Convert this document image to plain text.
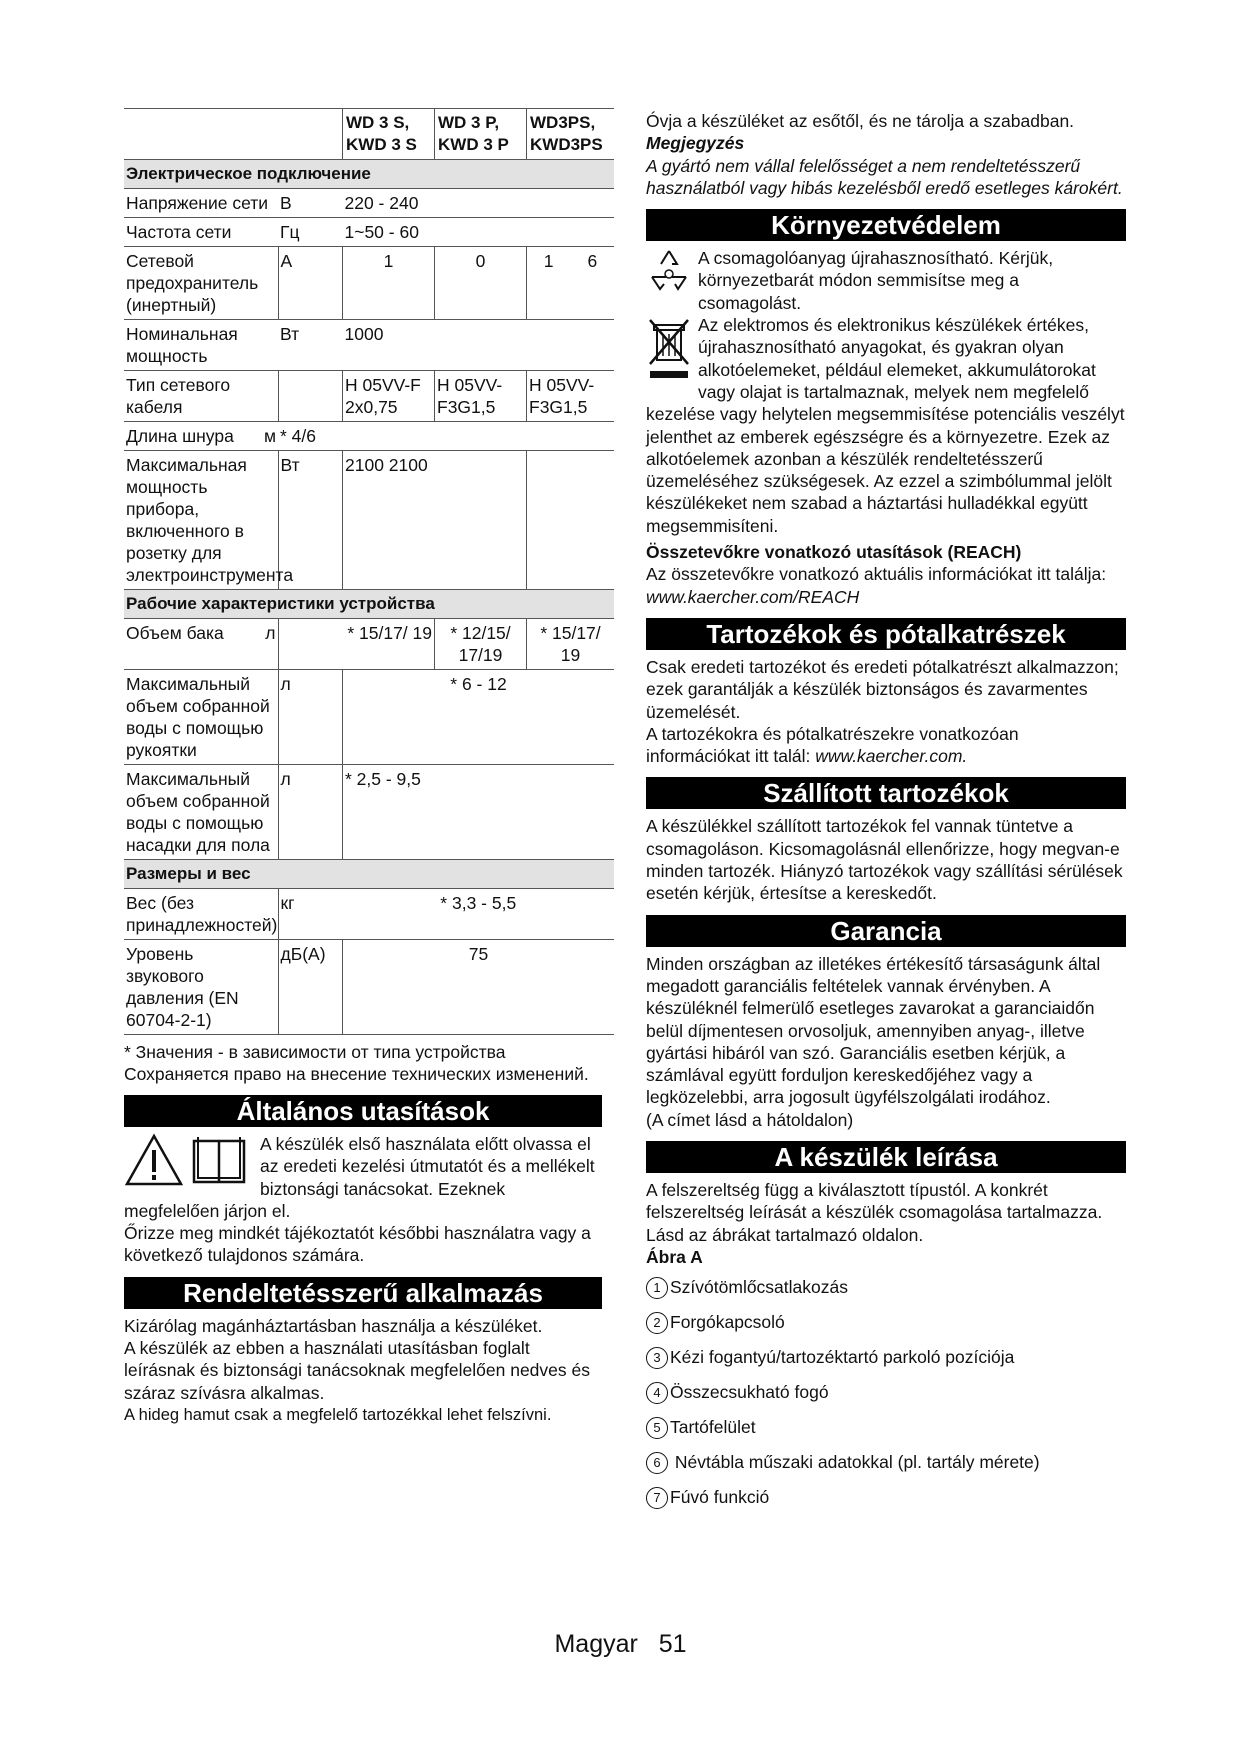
		WD 3 S, KWD 3 S	WD 3 P, KWD 3 P	WD3PS, KWD3PS
Электрическое подключение				
Напряжение сети	В	220 - 240		
Частота сети	Гц	1~50 - 60		
Сетевой предохранитель (инертный)	А	1	0	1 6
Номинальная мощность	Вт	1000		
Тип сетевого кабеля		H 05VV-F 2x0,75	H 05VV-F3G1,5	H 05VV-F3G1,5
Длина шнура м	* 4/6			
Максимальная мощность прибора, включенного в розетку для электроинструмента	Вт	2100 2100		
Рабочие характеристики устройства				
Объем бака л	* 15/17/ 19		* 12/15/ 17/19	* 15/17/ 19
Максимальный объем собранной воды с помощью рукоятки	л	* 6 - 12		
Максимальный объем собранной воды с помощью насадки для пола	л	* 2,5 - 9,5		
Размеры и вес				
Вес (без принадлежностей)	кг	* 3,3 - 5,5		
Уровень звукового давления (EN 60704-2-1)	дБ(А)	75		
* Значения - в зависимости от типа устройства
Сохраняется право на внесение технических изменений.
Általános utasítások

A készülék első használata előtt olvassa el az eredeti kezelési útmutatót és a mellékelt biztonsági tanácsokat. Ezeknek megfelelően járjon el.

Őrizze meg mindkét tájékoztatót későbbi használatra vagy a következő tulajdonos számára.

Rendeltetésszerű alkalmazás

Kizárólag magánháztartásban használja a készüléket.

A készülék az ebben a használati utasításban foglalt leírásnak és biztonsági tanácsoknak megfelelően nedves és száraz szívásra alkalmas.

A hideg hamut csak a megfelelő tartozékkal lehet felszívni.

Óvja a készüléket az esőtől, és ne tárolja a szabadban.

Megjegyzés

A gyártó nem vállal felelősséget a nem rendeltetésszerű használatból vagy hibás kezelésből eredő esetleges károkért.

Környezetvédelem

A csomagolóanyag újrahasznosítható. Kérjük, környezetbarát módon semmisítse meg a csomagolást.

Az elektromos és elektronikus készülékek értékes, újrahasznosítható anyagokat, és gyakran olyan alkotóelemeket, például elemeket, akkumulátorokat vagy olajat is tartalmaznak, melyek nem megfelelő kezelése vagy helytelen megsemmisítése potenciális veszélyt jelenthet az emberek egészségre és a környezetre. Ezek az alkotóelemek azonban a készülék rendeltetésszerű üzemeléséhez szükségesek. Az ezzel a szimbólummal jelölt készülékeket nem szabad a háztartási hulladékkal együtt megsemmisíteni.

Összetevőkre vonatkozó utasítások (REACH)

Az összetevőkre vonatkozó aktuális információkat itt találja: www.kaercher.com/REACH

Tartozékok és pótalkatrészek

Csak eredeti tartozékot és eredeti pótalkatrészt alkalmazzon; ezek garantálják a készülék biztonságos és zavarmentes üzemelését.

A tartozékokra és pótalkatrészekre vonatkozóan információkat itt talál: www.kaercher.com.

Szállított tartozékok

A készülékkel szállított tartozékok fel vannak tüntetve a csomagoláson. Kicsomagolásnál ellenőrizze, hogy megvan-e minden tartozék. Hiányzó tartozékok vagy szállítási sérülések esetén kérjük, értesítse a kereskedőt.

Garancia

Minden országban az illetékes értékesítő társaságunk által megadott garanciális feltételek vannak érvényben. A készüléknél felmerülő esetleges zavarokat a garanciaidőn belül díjmentesen orvosoljuk, amennyiben anyag-, illetve gyártási hibáról van szó. Garanciális esetben kérjük, a számlával együtt forduljon kereskedőjéhez vagy a legközelebbi, arra jogosult ügyfélszolgálati irodához.

(A címet lásd a hátoldalon)

A készülék leírása

A felszereltség függ a kiválasztott típustól. A konkrét felszereltség leírását a készülék csomagolása tartalmazza.

Lásd az ábrákat tartalmazó oldalon.

Ábra A

1 Szívótömlőcsatlakozás
2 Forgókapcsoló
3 Kézi fogantyú/tartozéktartó parkoló pozíciója
4 Összecsukható fogó
5 Tartófelület
6
Névtábla műszaki adatokkal (pl. tartály mérete)
7 Fúvó funkció
Magyar 51
